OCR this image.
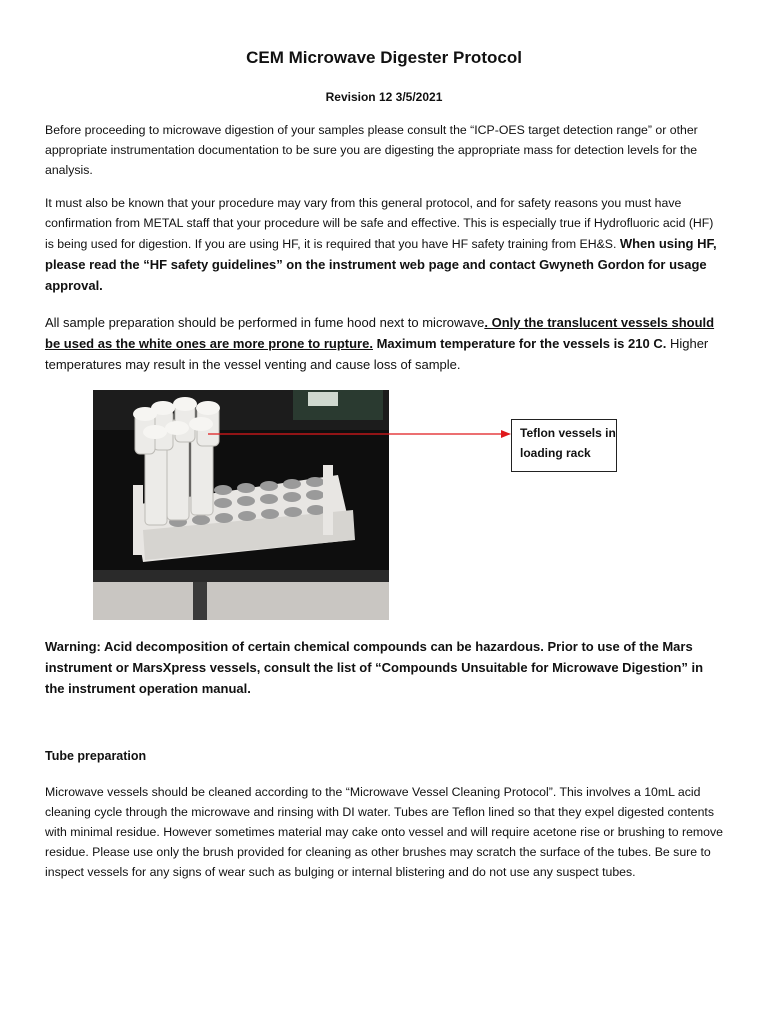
CEM Microwave Digester Protocol
Revision 12 3/5/2021
Before proceeding to microwave digestion of your samples please consult the “ICP-OES target detection range” or other appropriate instrumentation documentation to be sure you are digesting the appropriate mass for detection levels for the analysis.
It must also be known that your procedure may vary from this general protocol, and for safety reasons you must have confirmation from METAL staff that your procedure will be safe and effective. This is especially true if Hydrofluoric acid (HF) is being used for digestion. If you are using HF, it is required that you have HF safety training from EH&S. When using HF, please read the “HF safety guidelines” on the instrument web page and contact Gwyneth Gordon for usage approval.
All sample preparation should be performed in fume hood next to microwave. Only the translucent vessels should be used as the white ones are more prone to rupture. Maximum temperature for the vessels is 210 C. Higher temperatures may result in the vessel venting and cause loss of sample.
Teflon vessels in loading rack
Warning: Acid decomposition of certain chemical compounds can be hazardous. Prior to use of the Mars instrument or MarsXpress vessels, consult the list of “Compounds Unsuitable for Microwave Digestion” in the instrument operation manual.
Tube preparation
Microwave vessels should be cleaned according to the “Microwave Vessel Cleaning Protocol”. This involves a 10mL acid cleaning cycle through the microwave and rinsing with DI water. Tubes are Teflon lined so that they expel digested contents with minimal residue. However sometimes material may cake onto vessel and will require acetone rise or brushing to remove residue. Please use only the brush provided for cleaning as other brushes may scratch the surface of the tubes. Be sure to inspect vessels for any signs of wear such as bulging or internal blistering and do not use any suspect tubes.
